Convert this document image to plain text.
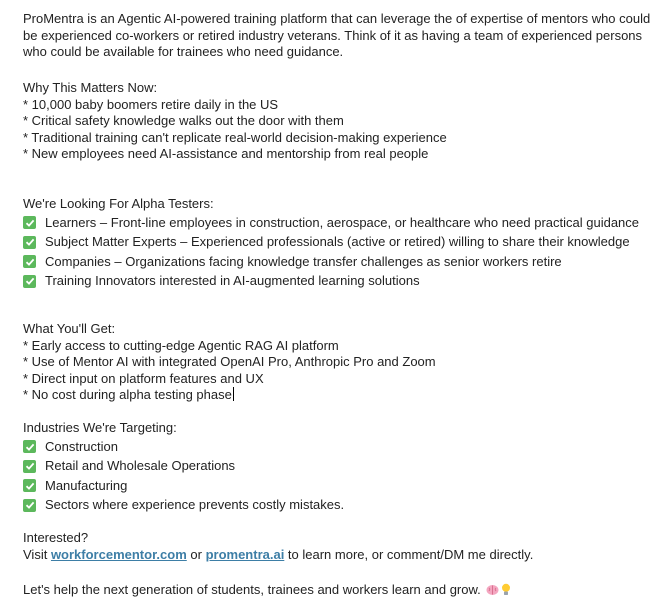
ProMentra is an Agentic AI-powered training platform that can leverage the of expertise of mentors who could be experienced co-workers or retired industry veterans. Think of it as having a team of experienced persons who could be available for trainees who need guidance.
Why This Matters Now:
* 10,000 baby boomers retire daily in the US
* Critical safety knowledge walks out the door with them
* Traditional training can't replicate real-world decision-making experience
* New employees need AI-assistance and mentorship from real people
We're Looking For Alpha Testers:
Learners – Front-line employees in construction, aerospace, or healthcare who need practical guidance
Subject Matter Experts – Experienced professionals (active or retired) willing to share their knowledge
Companies – Organizations facing knowledge transfer challenges as senior workers retire
Training Innovators interested in AI-augmented learning solutions
What You'll Get:
* Early access to cutting-edge Agentic RAG AI platform
* Use of Mentor AI with integrated OpenAI Pro, Anthropic Pro and Zoom
* Direct input on platform features and UX
* No cost during alpha testing phase
Industries We're Targeting:
Construction
Retail and Wholesale Operations
Manufacturing
Sectors where experience prevents costly mistakes.
Interested?
Visit workforcementor.com or promentra.ai to learn more, or comment/DM me directly.
Let's help the next generation of students, trainees and workers learn and grow.
